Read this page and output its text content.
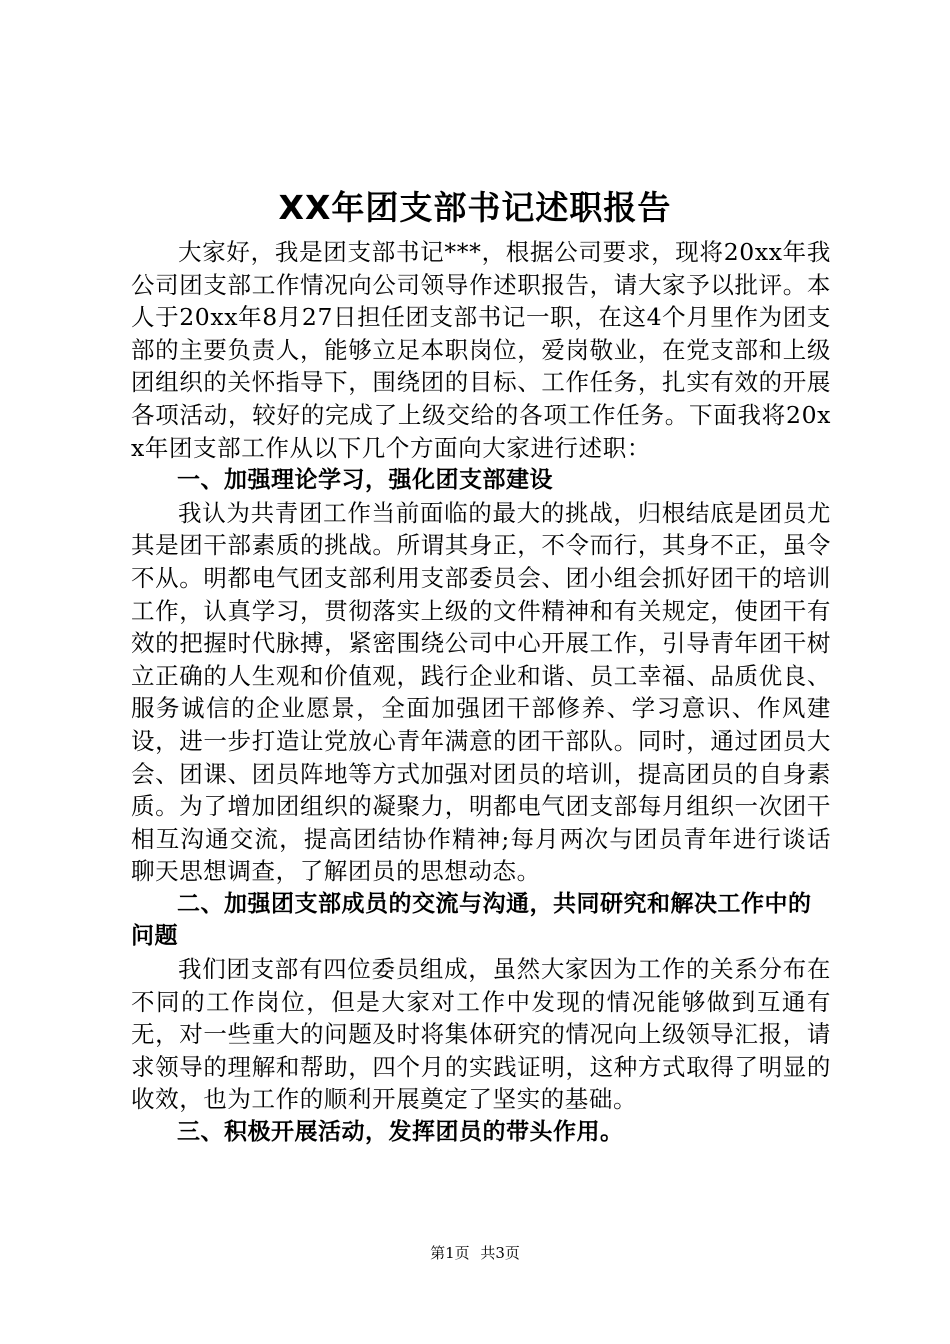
XX年团支部书记述职报告

大家好，我是团支部书记***，根据公司要求，现将20xx年我公司团支部工作情况向公司领导作述职报告，请大家予以批评。本人于20xx年8月27日担任团支部书记一职，在这4个月里作为团支部的主要负责人，能够立足本职岗位，爱岗敬业，在党支部和上级团组织的关怀指导下，围绕团的目标、工作任务，扎实有效的开展各项活动，较好的完成了上级交给的各项工作任务。下面我将20xx年团支部工作从以下几个方面向大家进行述职：

一、加强理论学习，强化团支部建设

我认为共青团工作当前面临的最大的挑战，归根结底是团员尤其是团干部素质的挑战。所谓其身正，不令而行，其身不正，虽令不从。明都电气团支部利用支部委员会、团小组会抓好团干的培训工作，认真学习，贯彻落实上级的文件精神和有关规定，使团干有效的把握时代脉搏，紧密围绕公司中心开展工作，引导青年团干树立正确的人生观和价值观，践行企业和谐、员工幸福、品质优良、服务诚信的企业愿景，全面加强团干部修养、学习意识、作风建设，进一步打造让党放心青年满意的团干部队。同时，通过团员大会、团课、团员阵地等方式加强对团员的培训，提高团员的自身素质。为了增加团组织的凝聚力，明都电气团支部每月组织一次团干相互沟通交流，提高团结协作精神;每月两次与团员青年进行谈话聊天思想调查，了解团员的思想动态。

二、加强团支部成员的交流与沟通，共同研究和解决工作中的问题

我们团支部有四位委员组成，虽然大家因为工作的关系分布在不同的工作岗位，但是大家对工作中发现的情况能够做到互通有无，对一些重大的问题及时将集体研究的情况向上级领导汇报，请求领导的理解和帮助，四个月的实践证明，这种方式取得了明显的收效，也为工作的顺利开展奠定了坚实的基础。

三、积极开展活动，发挥团员的带头作用。

第1页 共3页
